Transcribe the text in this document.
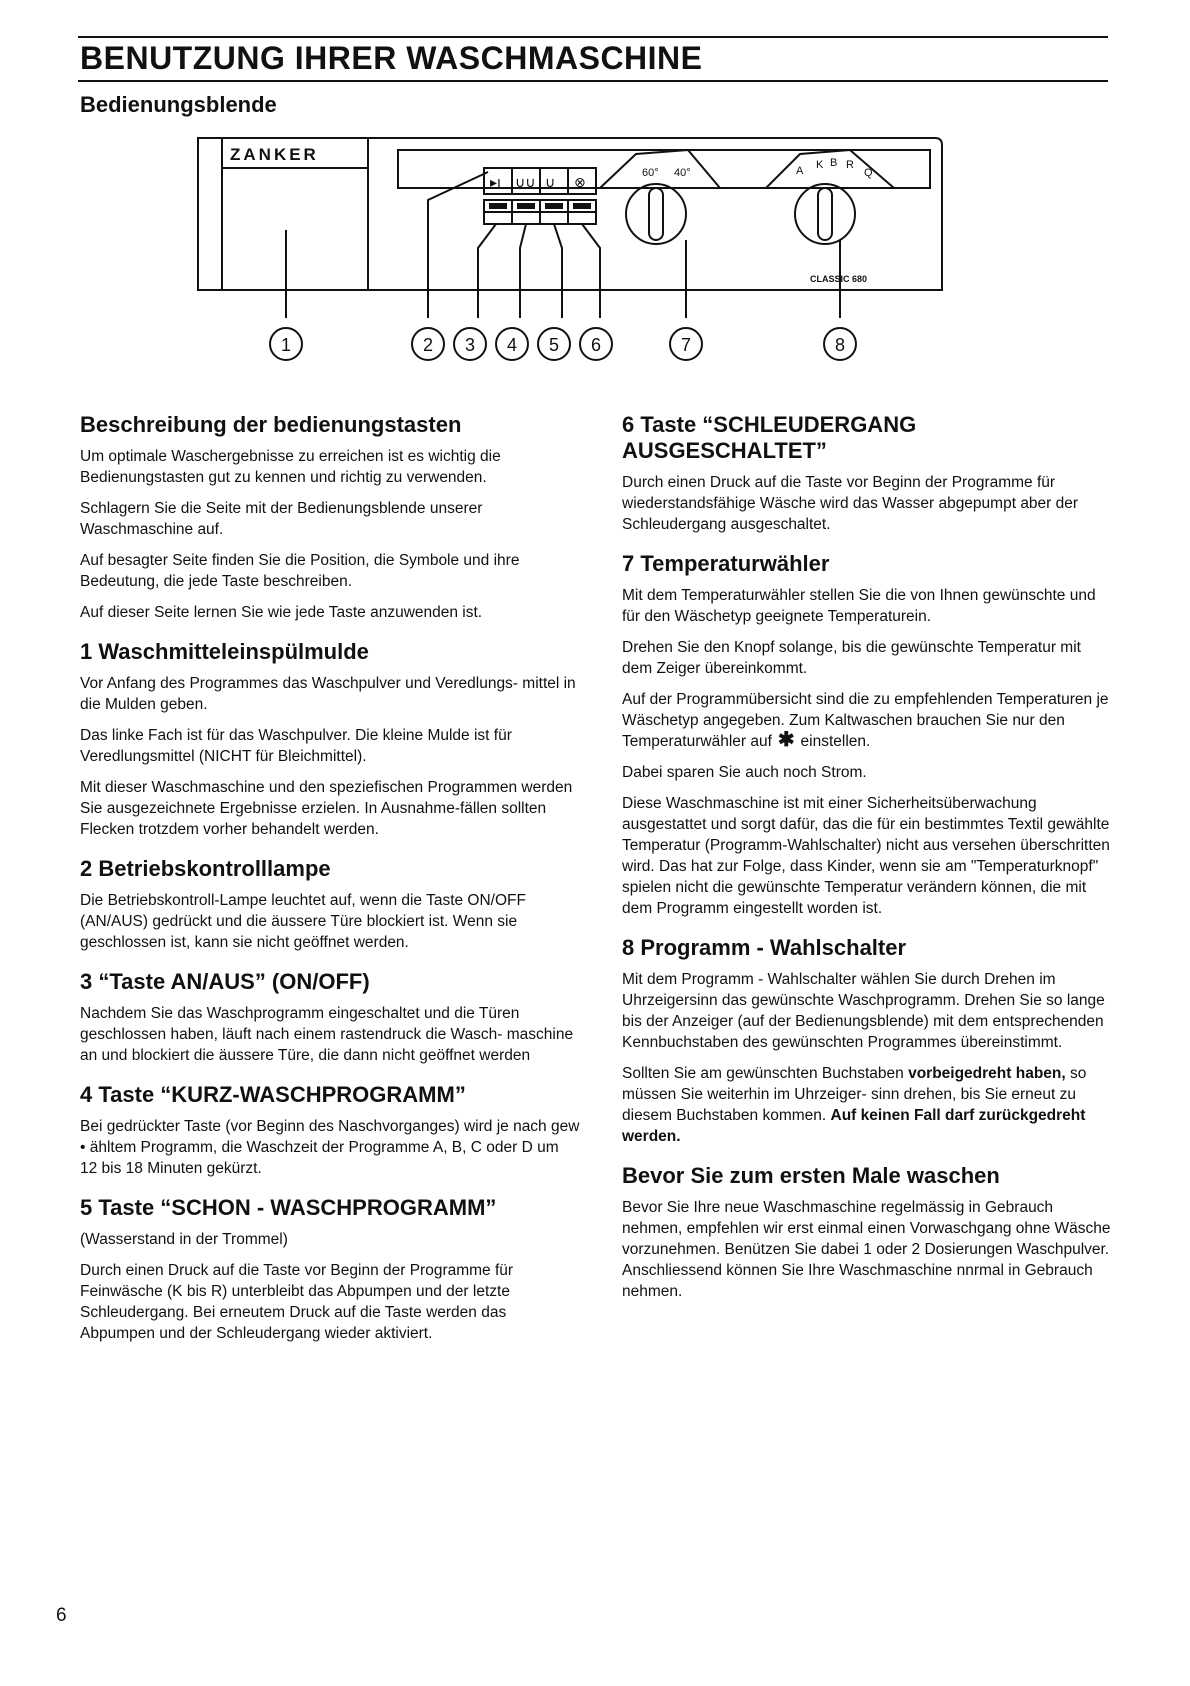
BENUTZUNG IHRER WASCHMASCHINE
Bedienungsblende
▸ı ∪∪ ∪ ⊗
ZANKER
CLASSIC 680
60° 40°	A K R
Q
B
1	2 3 4 5 6	7	8
Beschreibung der bedienungstasten

Um optimale Waschergebnisse zu erreichen ist es wichtig die Bedienungstasten gut zu kennen und richtig zu verwenden.

Schlagern Sie die Seite mit der Bedienungsblende unserer Waschmaschine auf.

Auf besagter Seite finden Sie die Position, die Symbole und ihre Bedeutung, die jede Taste beschreiben.

Auf dieser Seite lernen Sie wie jede Taste anzuwenden ist.

1 Waschmitteleinspülmulde

Vor Anfang des Programmes das Waschpulver und Veredlungs- mittel in die Mulden geben.

Das linke Fach ist für das Waschpulver. Die kleine Mulde ist für Veredlungsmittel (NICHT für Bleichmittel).

Mit dieser Waschmaschine und den speziefischen Programmen werden Sie ausgezeichnete Ergebnisse erzielen. In Ausnahme-fällen sollten Flecken trotzdem vorher behandelt werden.

2 Betriebskontrolllampe

Die Betriebskontroll-Lampe leuchtet auf, wenn die Taste ON/OFF (AN/AUS) gedrückt und die äussere Türe blockiert ist. Wenn sie geschlossen ist, kann sie nicht geöffnet werden.

3 “Taste AN/AUS” (ON/OFF)

Nachdem Sie das Waschprogramm eingeschaltet und die Türen geschlossen haben, läuft nach einem rastendruck die Wasch- maschine an und blockiert die äussere Türe, die dann nicht geöffnet werden

4 Taste “KURZ-WASCHPROGRAMM”

Bei gedrückter Taste (vor Beginn des Naschvorganges) wird je nach gew • ähltem Programm, die Waschzeit der Programme A, B, C oder D um 12 bis 18 Minuten gekürzt.

5 Taste “SCHON - WASCHPROGRAMM”

(Wasserstand in der Trommel)

Durch einen Druck auf die Taste vor Beginn der Programme für Feinwäsche (K bis R) unterbleibt das Abpumpen und der letzte Schleudergang. Bei erneutem Druck auf die Taste werden das Abpumpen und der Schleudergang wieder aktiviert.

6 Taste “SCHLEUDERGANG
AUSGESCHALTET”

Durch einen Druck auf die Taste vor Beginn der Programme für wiederstandsfähige Wäsche wird das Wasser abgepumpt aber der Schleudergang ausgeschaltet.

7 Temperaturwähler

Mit dem Temperaturwähler stellen Sie die von Ihnen gewünschte und für den Wäschetyp geeignete Temperaturein.

Drehen Sie den Knopf solange, bis die gewünschte Temperatur mit dem Zeiger übereinkommt.

Auf der Programmübersicht sind die zu empfehlenden Temperaturen je Wäschetyp angegeben. Zum Kaltwaschen brauchen Sie nur den Temperaturwähler auf ✱ einstellen.

Dabei sparen Sie auch noch Strom.

Diese Waschmaschine ist mit einer Sicherheitsüberwachung ausgestattet und sorgt dafür, das die für ein bestimmtes Textil gewählte Temperatur (Programm-Wahlschalter) nicht aus versehen überschritten wird. Das hat zur Folge, dass Kinder, wenn sie am "Temperaturknopf" spielen nicht die gewünschte Temperatur verändern können, die mit dem Programm eingestellt worden ist.

8 Programm - Wahlschalter

Mit dem Programm - Wahlschalter wählen Sie durch Drehen im Uhrzeigersinn das gewünschte Waschprogramm. Drehen Sie so lange bis der Anzeiger (auf der Bedienungsblende) mit dem entsprechenden Kennbuchstaben des gewünschten Programmes übereinstimmt.

Sollten Sie am gewünschten Buchstaben vorbeigedreht haben, so müssen Sie weiterhin im Uhrzeiger- sinn drehen, bis Sie erneut zu diesem Buchstaben kommen. Auf keinen Fall darf zurückgedreht werden.

Bevor Sie zum ersten Male waschen

Bevor Sie Ihre neue Waschmaschine regelmässig in Gebrauch nehmen, empfehlen wir erst einmal einen Vorwaschgang ohne Wäsche vorzunehmen. Benützen Sie dabei 1 oder 2 Dosierungen Waschpulver. Anschliessend können Sie Ihre Waschmaschine nnrmal in Gebrauch nehmen.

6
